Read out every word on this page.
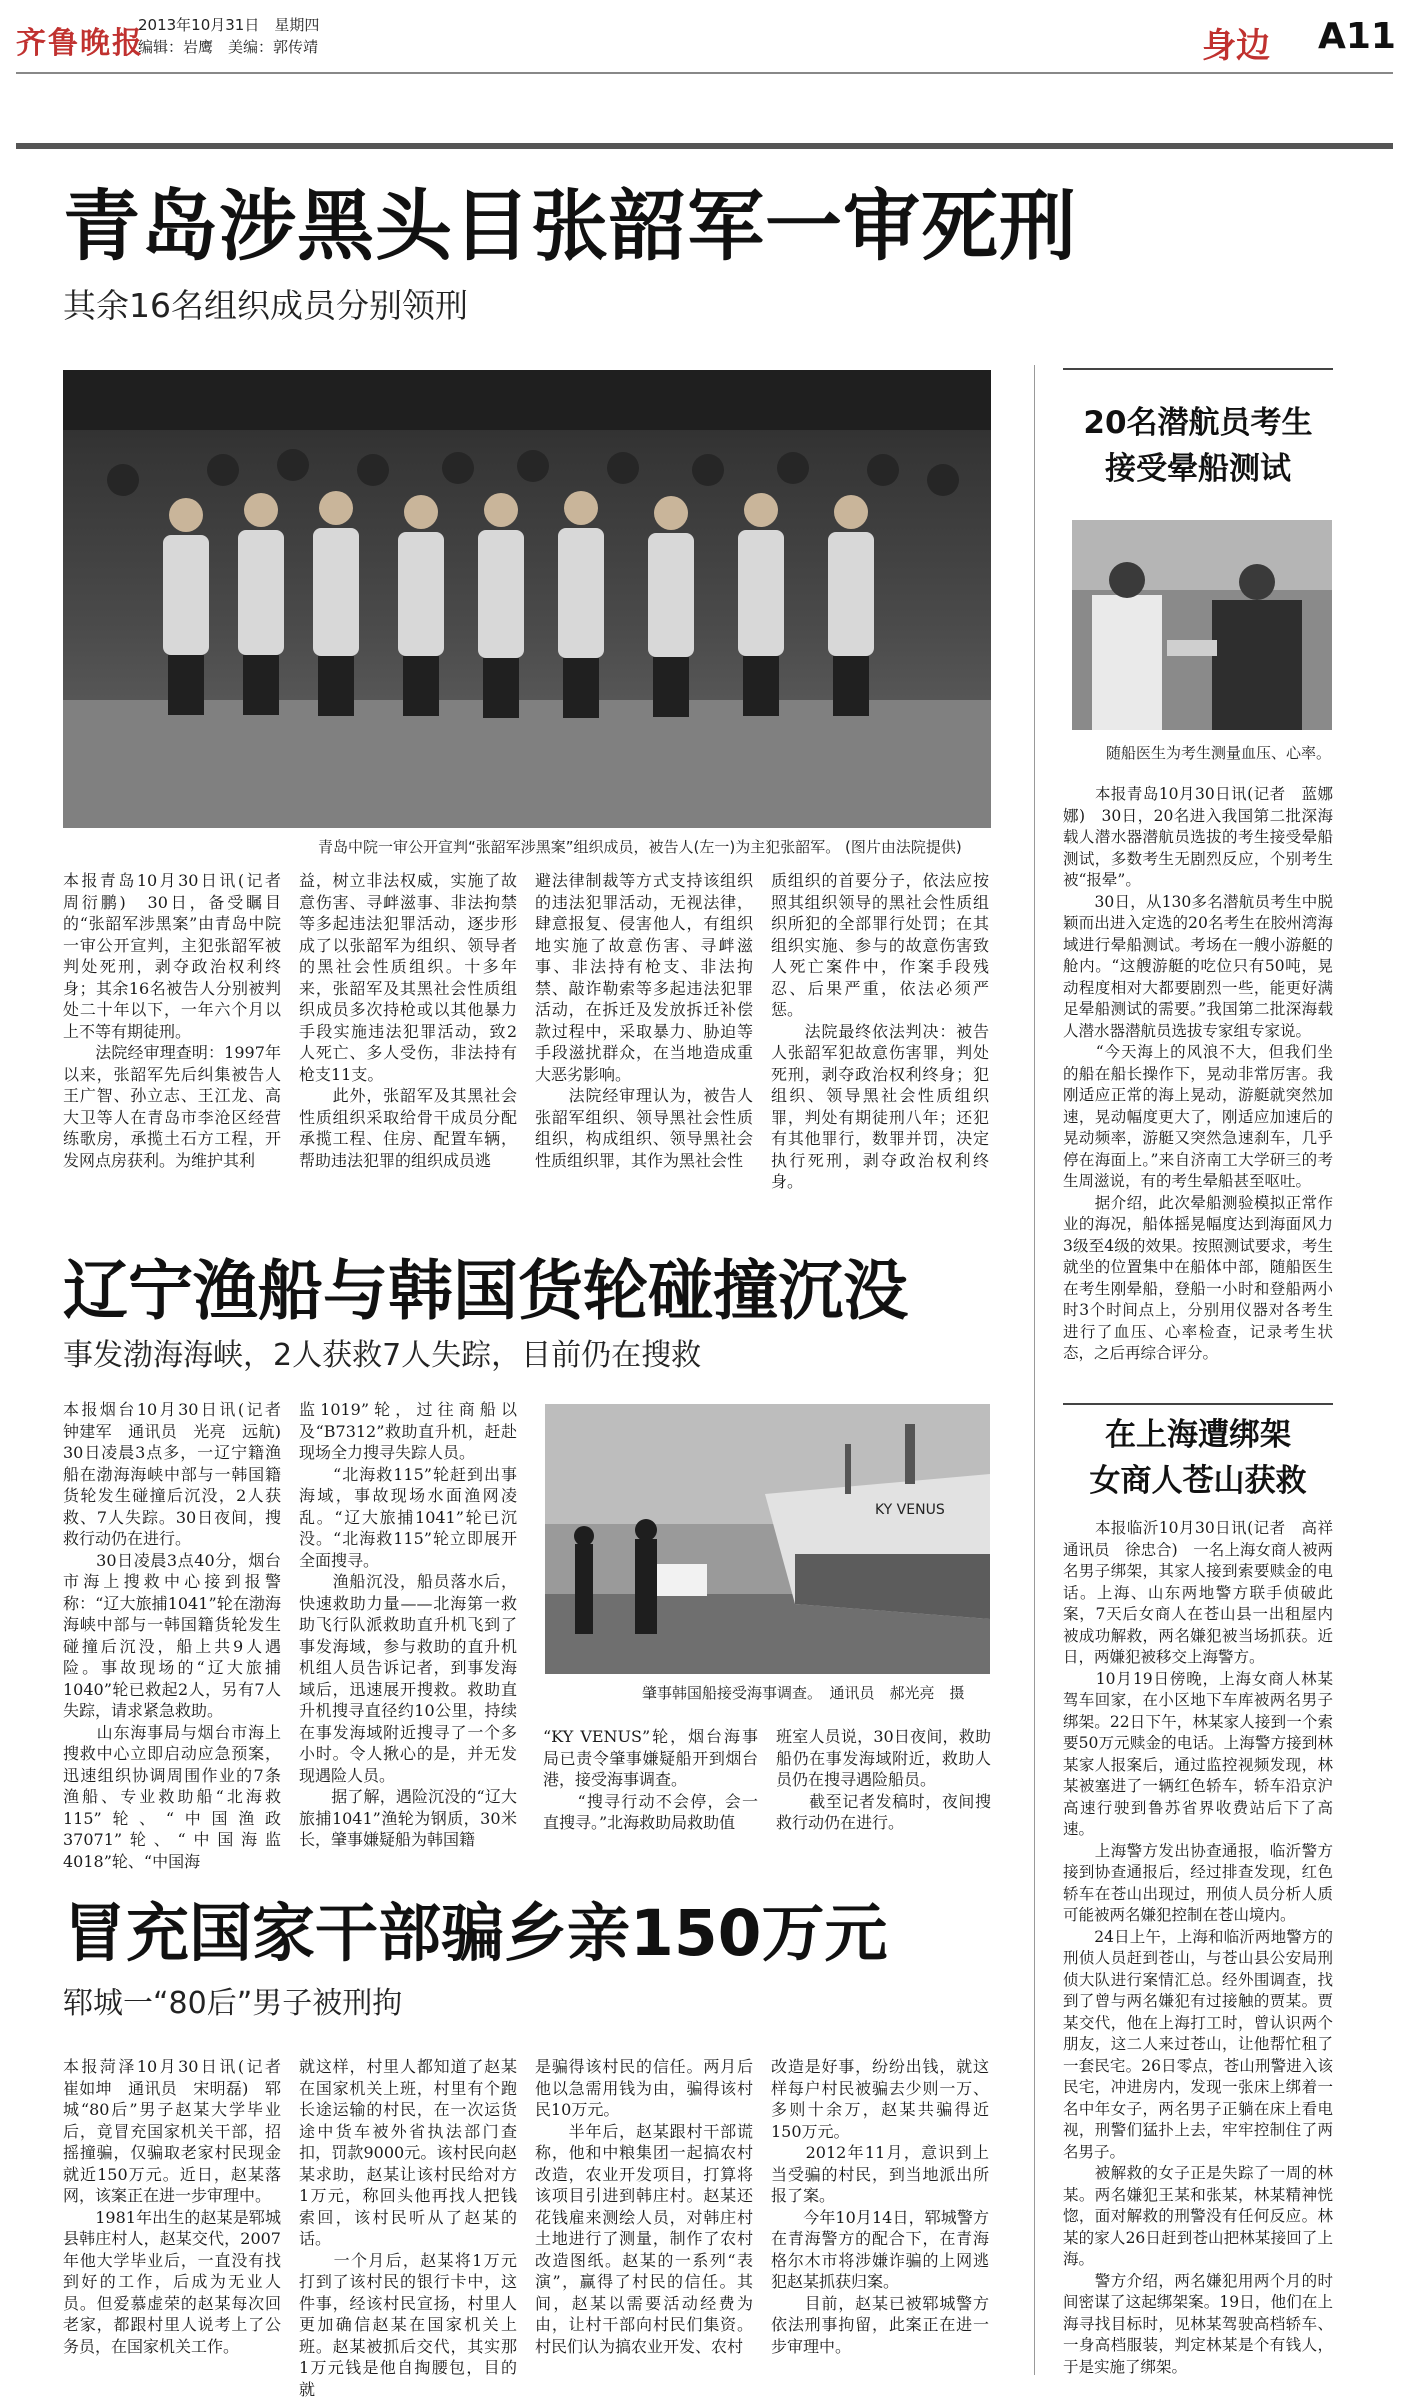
齐鲁晚报
2013年10月31日　星期四
编辑：岩鹰　美编：郭传靖	身边 A11
青岛涉黑头目张韶军一审死刑
其余16名组织成员分别领刑
青岛中院一审公开宣判“张韶军涉黑案”组织成员，被告人(左一)为主犯张韶军。 (图片由法院提供)
本报青岛10月30日讯(记者　周衍鹏)　30日，备受瞩目的“张韶军涉黑案”由青岛中院一审公开宣判，主犯张韶军被判处死刑，剥夺政治权利终身；其余16名被告人分别被判处二十年以下，一年六个月以上不等有期徒刑。
　　法院经审理查明：1997年以来，张韶军先后纠集被告人王广智、孙立志、王江龙、高大卫等人在青岛市李沧区经营练歌房，承揽土石方工程，开发网点房获利。为维护其利
益，树立非法权威，实施了故意伤害、寻衅滋事、非法拘禁等多起违法犯罪活动，逐步形成了以张韶军为组织、领导者的黑社会性质组织。十多年来，张韶军及其黑社会性质组织成员多次持枪或以其他暴力手段实施违法犯罪活动，致2人死亡、多人受伤，非法持有枪支11支。
　　此外，张韶军及其黑社会性质组织采取给骨干成员分配承揽工程、住房、配置车辆，帮助违法犯罪的组织成员逃
避法律制裁等方式支持该组织的违法犯罪活动，无视法律，肆意报复、侵害他人，有组织地实施了故意伤害、寻衅滋事、非法持有枪支、非法拘禁、敲诈勒索等多起违法犯罪活动，在拆迁及发放拆迁补偿款过程中，采取暴力、胁迫等手段滋扰群众，在当地造成重大恶劣影响。
　　法院经审理认为，被告人张韶军组织、领导黑社会性质组织，构成组织、领导黑社会性质组织罪，其作为黑社会性
质组织的首要分子，依法应按照其组织领导的黑社会性质组织所犯的全部罪行处罚；在其组织实施、参与的故意伤害致人死亡案件中，作案手段残忍、后果严重，依法必须严惩。
　　法院最终依法判决：被告人张韶军犯故意伤害罪，判处死刑，剥夺政治权利终身；犯组织、领导黑社会性质组织罪，判处有期徒刑八年；还犯有其他罪行，数罪并罚，决定执行死刑，剥夺政治权利终身。
辽宁渔船与韩国货轮碰撞沉没
事发渤海海峡，2人获救7人失踪，目前仍在搜救
本报烟台10月30日讯(记者　钟建军　通讯员　光亮　远航)　30日凌晨3点多，一辽宁籍渔船在渤海海峡中部与一韩国籍货轮发生碰撞后沉没，2人获救、7人失踪。30日夜间，搜救行动仍在进行。
　　30日凌晨3点40分，烟台市海上搜救中心接到报警称：“辽大旅捕1041”轮在渤海海峡中部与一韩国籍货轮发生碰撞后沉没，船上共9人遇险。事故现场的“辽大旅捕1040”轮已救起2人，另有7人失踪，请求紧急救助。
　　山东海事局与烟台市海上搜救中心立即启动应急预案，迅速组织协调周围作业的7条渔船、专业救助船“北海救115”轮、“中国渔政37071”轮、“中国海监4018”轮、“中国海
监1019”轮，过往商船以及“B7312”救助直升机，赶赴现场全力搜寻失踪人员。
　　“北海救115”轮赶到出事海域，事故现场水面渔网凌乱。“辽大旅捕1041”轮已沉没。“北海救115”轮立即展开全面搜寻。
　　渔船沉没，船员落水后，快速救助力量——北海第一救助飞行队派救助直升机飞到了事发海域，参与救助的直升机机组人员告诉记者，到事发海域后，迅速展开搜救。救助直升机搜寻直径约10公里，持续在事发海域附近搜寻了一个多小时。令人揪心的是，并无发现遇险人员。
　　据了解，遇险沉没的“辽大旅捕1041”渔轮为钢质，30米长，肇事嫌疑船为韩国籍
KY VENUS
肇事韩国船接受海事调查。　通讯员　郝光亮　摄
“KY VENUS”轮，烟台海事局已责令肇事嫌疑船开到烟台港，接受海事调查。
　　“搜寻行动不会停，会一直搜寻。”北海救助局救助值
班室人员说，30日夜间，救助船仍在事发海域附近，救助人员仍在搜寻遇险船员。
　　截至记者发稿时，夜间搜救行动仍在进行。
冒充国家干部骗乡亲150万元
郓城一“80后”男子被刑拘
本报菏泽10月30日讯(记者　崔如坤　通讯员　宋明磊)　郓城“80后”男子赵某大学毕业后，竟冒充国家机关干部，招摇撞骗，仅骗取老家村民现金就近150万元。近日，赵某落网，该案正在进一步审理中。
　　1981年出生的赵某是郓城县韩庄村人，赵某交代，2007年他大学毕业后，一直没有找到好的工作，后成为无业人员。但爱慕虚荣的赵某每次回老家，都跟村里人说考上了公务员，在国家机关工作。
就这样，村里人都知道了赵某在国家机关上班，村里有个跑长途运输的村民，在一次运货途中货车被外省执法部门查扣，罚款9000元。该村民向赵某求助，赵某让该村民给对方1万元，称回头他再找人把钱索回，该村民听从了赵某的话。
　　一个月后，赵某将1万元打到了该村民的银行卡中，这件事，经该村民宣扬，村里人更加确信赵某在国家机关上班。赵某被抓后交代，其实那1万元钱是他自掏腰包，目的就
是骗得该村民的信任。两月后他以急需用钱为由，骗得该村民10万元。
　　半年后，赵某跟村干部谎称，他和中粮集团一起搞农村改造，农业开发项目，打算将该项目引进到韩庄村。赵某还花钱雇来测绘人员，对韩庄村土地进行了测量，制作了农村改造图纸。赵某的一系列“表演”，赢得了村民的信任。其间，赵某以需要活动经费为由，让村干部向村民们集资。村民们认为搞农业开发、农村
改造是好事，纷纷出钱，就这样每户村民被骗去少则一万、多则十余万，赵某共骗得近150万元。
　　2012年11月，意识到上当受骗的村民，到当地派出所报了案。
　　今年10月14日，郓城警方在青海警方的配合下，在青海格尔木市将涉嫌诈骗的上网逃犯赵某抓获归案。
　　目前，赵某已被郓城警方依法刑事拘留，此案正在进一步审理中。
20名潜航员考生
接受晕船测试
随船医生为考生测量血压、心率。
　　本报青岛10月30日讯(记者　蓝娜娜)　30日，20名进入我国第二批深海载人潜水器潜航员选拔的考生接受晕船测试，多数考生无剧烈反应，个别考生被“报晕”。
　　30日，从130多名潜航员考生中脱颖而出进入定选的20名考生在胶州湾海域进行晕船测试。考场在一艘小游艇的舱内。“这艘游艇的吃位只有50吨，晃动程度相对大都要剧烈一些，能更好满足晕船测试的需要。”我国第二批深海载人潜水器潜航员选拔专家组专家说。
　　“今天海上的风浪不大，但我们坐的船在船长操作下，晃动非常厉害。我刚适应正常的海上晃动，游艇就突然加速，晃动幅度更大了，刚适应加速后的晃动频率，游艇又突然急速刹车，几乎停在海面上。”来自济南工大学研三的考生周滋说，有的考生晕船甚至呕吐。
　　据介绍，此次晕船测验模拟正常作业的海况，船体摇晃幅度达到海面风力3级至4级的效果。按照测试要求，考生就坐的位置集中在船体中部，随船医生在考生刚晕船，登船一小时和登船两小时3个时间点上，分别用仪器对各考生进行了血压、心率检查，记录考生状态，之后再综合评分。
在上海遭绑架
女商人苍山获救
　　本报临沂10月30日讯(记者　高祥　通讯员　徐忠合)　一名上海女商人被两名男子绑架，其家人接到索要赎金的电话。上海、山东两地警方联手侦破此案，7天后女商人在苍山县一出租屋内被成功解救，两名嫌犯被当场抓获。近日，两嫌犯被移交上海警方。
　　10月19日傍晚，上海女商人林某驾车回家，在小区地下车库被两名男子绑架。22日下午，林某家人接到一个索要50万元赎金的电话。上海警方接到林某家人报案后，通过监控视频发现，林某被塞进了一辆红色轿车，轿车沿京沪高速行驶到鲁苏省界收费站后下了高速。
　　上海警方发出协查通报，临沂警方接到协查通报后，经过排查发现，红色轿车在苍山出现过，刑侦人员分析人质可能被两名嫌犯控制在苍山境内。
　　24日上午，上海和临沂两地警方的刑侦人员赶到苍山，与苍山县公安局刑侦大队进行案情汇总。经外围调查，找到了曾与两名嫌犯有过接触的贾某。贾某交代，他在上海打工时，曾认识两个朋友，这二人来过苍山，让他帮忙租了一套民宅。26日零点，苍山刑警进入该民宅，冲进房内，发现一张床上绑着一名中年女子，两名男子正躺在床上看电视，刑警们猛扑上去，牢牢控制住了两名男子。
　　被解救的女子正是失踪了一周的林某。两名嫌犯王某和张某，林某精神恍惚，面对解救的刑警没有任何反应。林某的家人26日赶到苍山把林某接回了上海。
　　警方介绍，两名嫌犯用两个月的时间密谋了这起绑架案。19日，他们在上海寻找目标时，见林某驾驶高档轿车、一身高档服装，判定林某是个有钱人，于是实施了绑架。
